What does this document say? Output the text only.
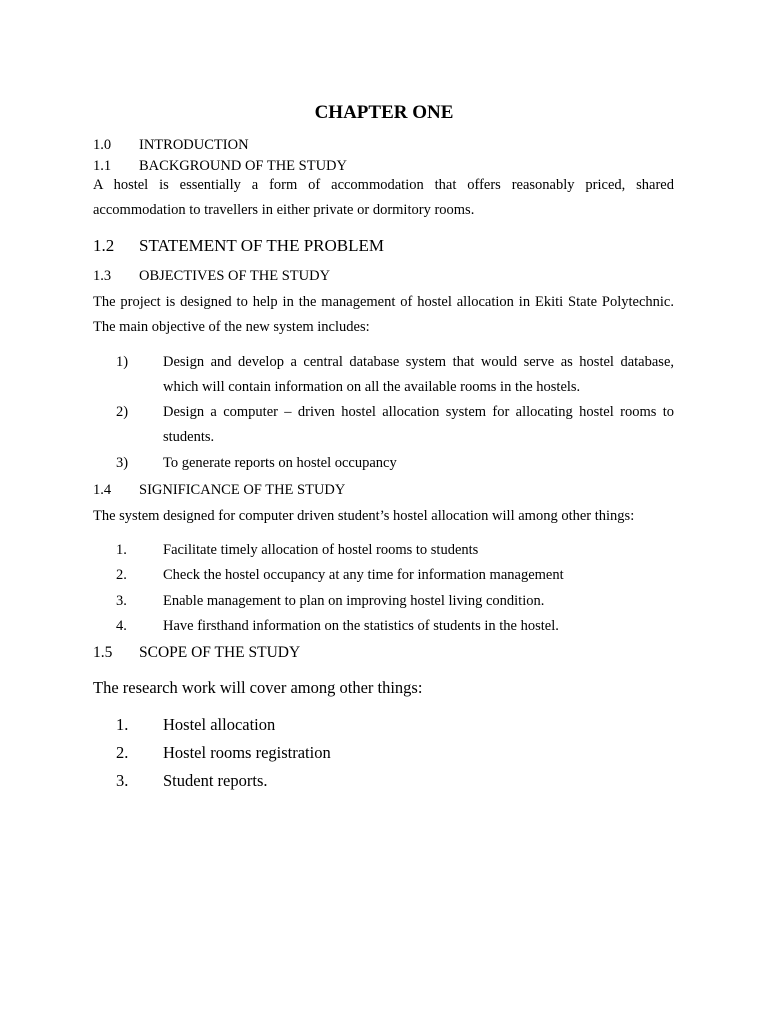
CHAPTER ONE
1.0 INTRODUCTION
1.1 BACKGROUND OF THE STUDY
A hostel is essentially a form of accommodation that offers reasonably priced, shared accommodation to travellers in either private or dormitory rooms.
1.2 STATEMENT OF THE PROBLEM
1.3 OBJECTIVES OF THE STUDY
The project is designed to help in the management of hostel allocation in Ekiti State Polytechnic. The main objective of the new system includes:
1) Design and develop a central database system that would serve as hostel database, which will contain information on all the available rooms in the hostels.
2) Design a computer – driven hostel allocation system for allocating hostel rooms to students.
3) To generate reports on hostel occupancy
1.4 SIGNIFICANCE OF THE STUDY
The system designed for computer driven student’s hostel allocation will among other things:
1. Facilitate timely allocation of hostel rooms to students
2. Check the hostel occupancy at any time for information management
3. Enable management to plan on improving hostel living condition.
4. Have firsthand information on the statistics of students in the hostel.
1.5 SCOPE OF THE STUDY
The research work will cover among other things:
1. Hostel allocation
2. Hostel rooms registration
3. Student reports.
